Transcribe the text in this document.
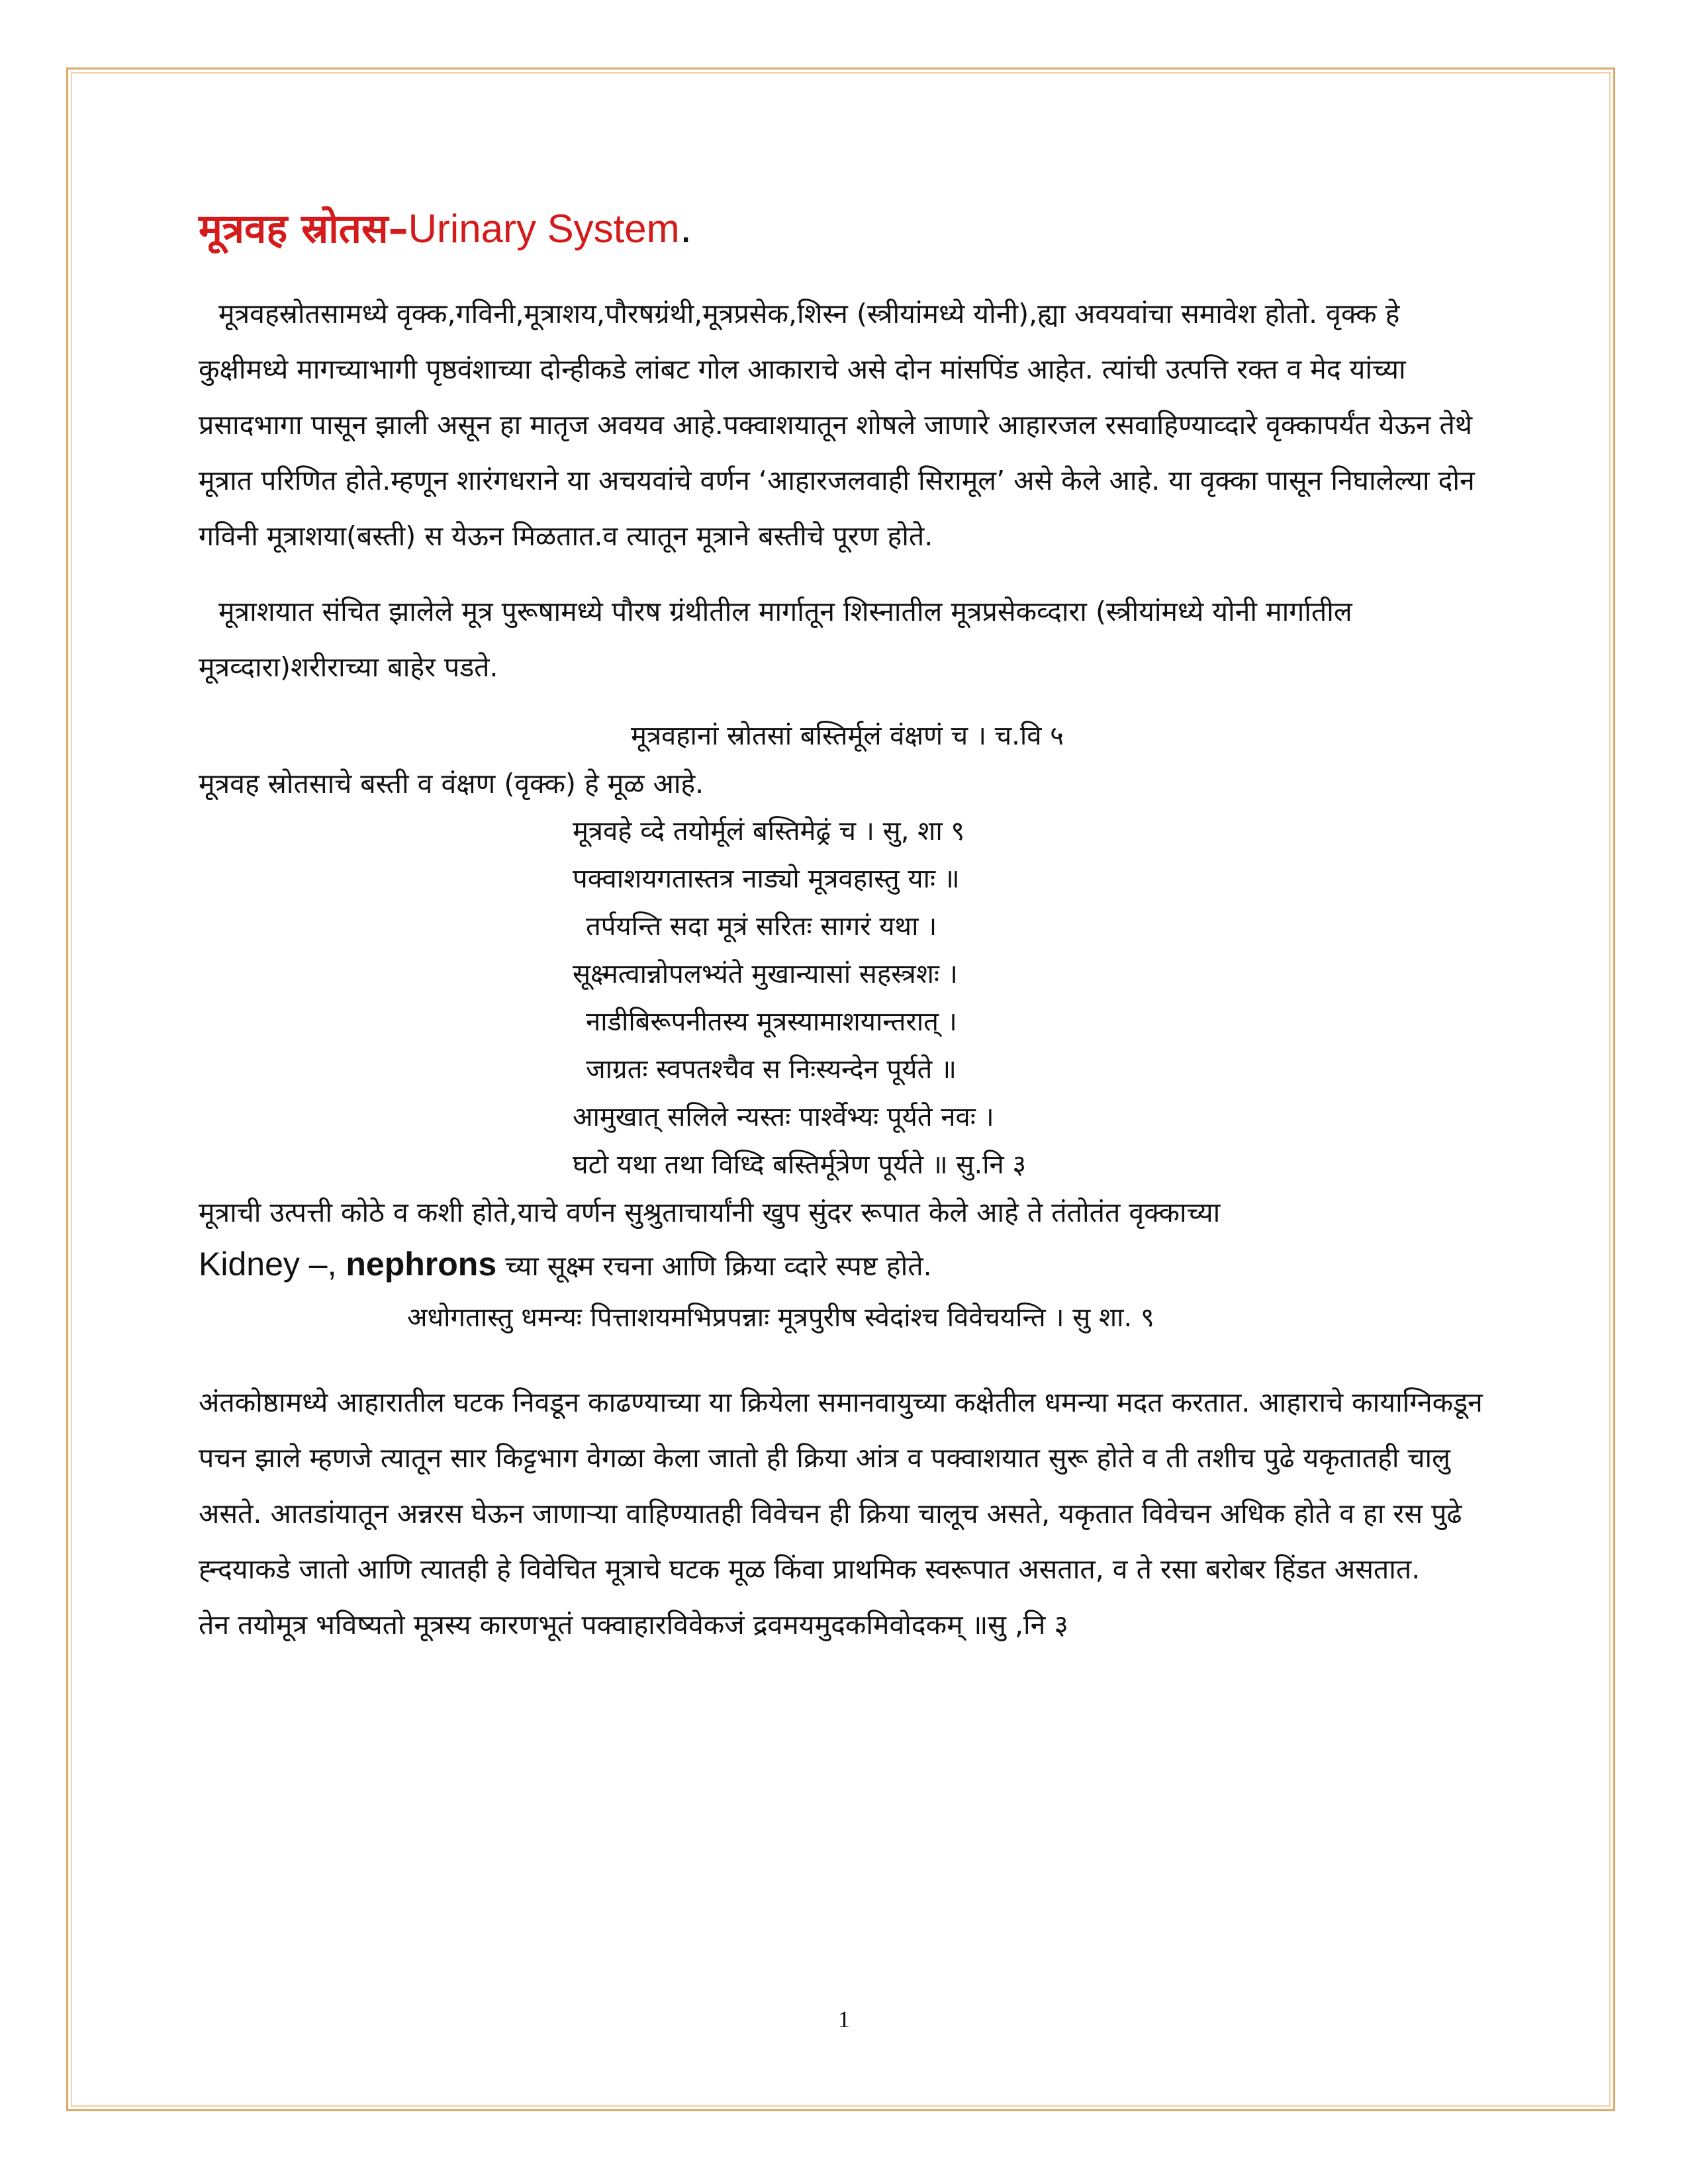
मूत्रवह स्रोतस–Urinary System.

मूत्रवहस्रोतसामध्ये वृक्क,गविनी,मूत्राशय,पौरषग्रंथी,मूत्रप्रसेक,शिस्न (स्त्रीयांमध्ये योनी),ह्या अवयवांचा समावेश होतो. वृक्क हे कुक्षीमध्ये मागच्याभागी पृष्ठवंशाच्या दोन्हीकडे लांबट गोल आकाराचे असे दोन मांसपिंड आहेत. त्यांची उत्पत्ति रक्त व मेद यांच्या प्रसादभागा पासून झाली असून हा मातृज अवयव आहे.पक्वाशयातून शोषले जाणारे आहारजल रसवाहिण्याव्दारे वृक्कापर्यंत येऊन तेथे मूत्रात परिणित होते.म्हणून शारंगधराने या अचयवांचे वर्णन ‘आहारजलवाही सिरामूल’ असे केले आहे. या वृक्का पासून निघालेल्या दोन गविनी मूत्राशया(बस्ती) स येऊन मिळतात.व त्यातून मूत्राने बस्तीचे पूरण होते.

मूत्राशयात संचित झालेले मूत्र पुरूषामध्ये पौरष ग्रंथीतील मार्गातून शिस्नातील मूत्रप्रसेकव्दारा (स्त्रीयांमध्ये योनी मार्गातील मूत्रव्दारा)शरीराच्या बाहेर पडते.

मूत्रवहानां स्रोतसां बस्तिर्मूलं वंक्षणं च । च.वि ५
मूत्रवह स्रोतसाचे बस्ती व वंक्षण (वृक्क) हे मूळ आहे.
मूत्रवहे व्दे तयोर्मूलं बस्तिमेढ्रं च । सु, शा ९
पक्वाशयगतास्तत्र नाड्यो मूत्रवहास्तु याः ॥
तर्पयन्ति सदा मूत्रं सरितः सागरं यथा ।
सूक्ष्मत्वान्नोपलभ्यंते मुखान्यासां सहस्त्रशः ।
नाडीबिरूपनीतस्य मूत्रस्यामाशयान्तरात् ।
जाग्रतः स्वपतश्चैव स निःस्यन्देन पूर्यते ॥
आमुखात् सलिले न्यस्तः पार्श्वेभ्यः पूर्यते नवः ।
घटो यथा तथा विध्दि बस्तिर्मूत्रेण पूर्यते ॥ सु.नि ३
मूत्राची उत्पत्ती कोठे व कशी होते,याचे वर्णन सुश्रुताचार्यांनी खुप सुंदर रूपात केले आहे ते तंतोतंत वृक्काच्या
Kidney –, nephrons च्या सूक्ष्म रचना आणि क्रिया व्दारे स्पष्ट होते.
अधोगतास्तु धमन्यः पित्ताशयमभिप्रपन्नाः मूत्रपुरीष स्वेदांश्च विवेचयन्ति । सु शा. ९

अंतकोष्ठामध्ये आहारातील घटक निवडून काढण्याच्या या क्रियेला समानवायुच्या कक्षेतील धमन्या मदत करतात. आहाराचे कायाग्निकडून पचन झाले म्हणजे त्यातून सार किट्टभाग वेगळा केला जातो ही क्रिया आंत्र व पक्वाशयात सुरू होते व ती तशीच पुढे यकृतातही चालु असते. आतडांयातून अन्नरस घेऊन जाणाऱ्या वाहिण्यातही विवेचन ही क्रिया चालूच असते, यकृतात विवेचन अधिक होते व हा रस पुढे ह्न्दयाकडे जातो आणि त्यातही हे विवेचित मूत्राचे घटक मूळ किंवा प्राथमिक स्वरूपात असतात, व ते रसा बरोबर हिंडत असतात.

तेन तयोमूत्र भविष्यतो मूत्रस्य कारणभूतं पक्वाहारविवेकजं द्रवमयमुदकमिवोदकम् ॥सु ,नि ३
1
